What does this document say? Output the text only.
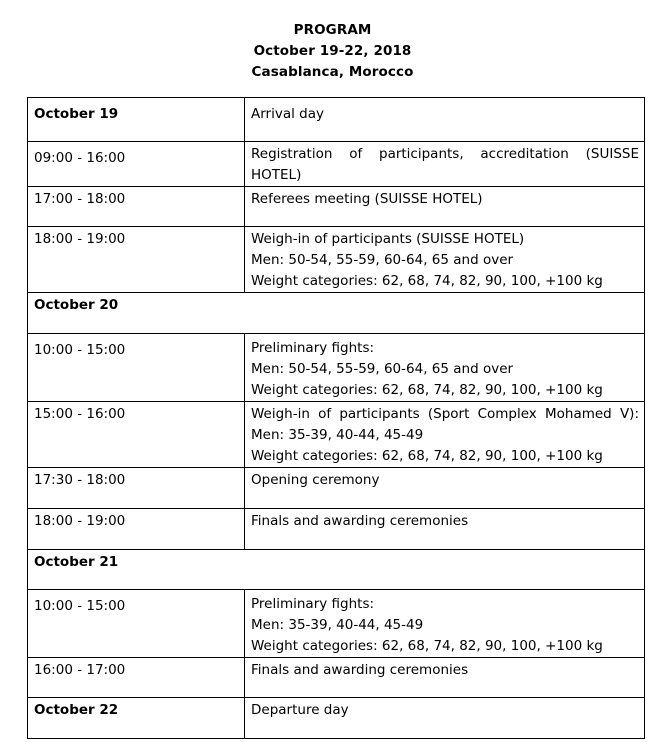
PROGRAM
October 19-22, 2018
Casablanca, Morocco
October 19	Arrival day

09:00 - 16:00	Registration of participants, accreditation (SUISSE HOTEL)

17:00 - 18:00	Referees meeting (SUISSE HOTEL)

18:00 - 19:00	Weigh-in of participants (SUISSE HOTEL)
Men: 50-54, 55-59, 60-64, 65 and over
Weight categories: 62, 68, 74, 82, 90, 100, +100 kg

October 20	
10:00 - 15:00	Preliminary fights:
Men: 50-54, 55-59, 60-64, 65 and over
Weight categories: 62, 68, 74, 82, 90, 100, +100 kg

15:00 - 16:00	Weigh-in of participants (Sport Complex Mohamed V): Men: 35-39, 40-44, 45-49
Weight categories: 62, 68, 74, 82, 90, 100, +100 kg

17:30 - 18:00	Opening ceremony

18:00 - 19:00	Finals and awarding ceremonies

October 21	
10:00 - 15:00	Preliminary fights:
Men: 35-39, 40-44, 45-49
Weight categories: 62, 68, 74, 82, 90, 100, +100 kg

16:00 - 17:00	Finals and awarding ceremonies

October 22	Departure day
